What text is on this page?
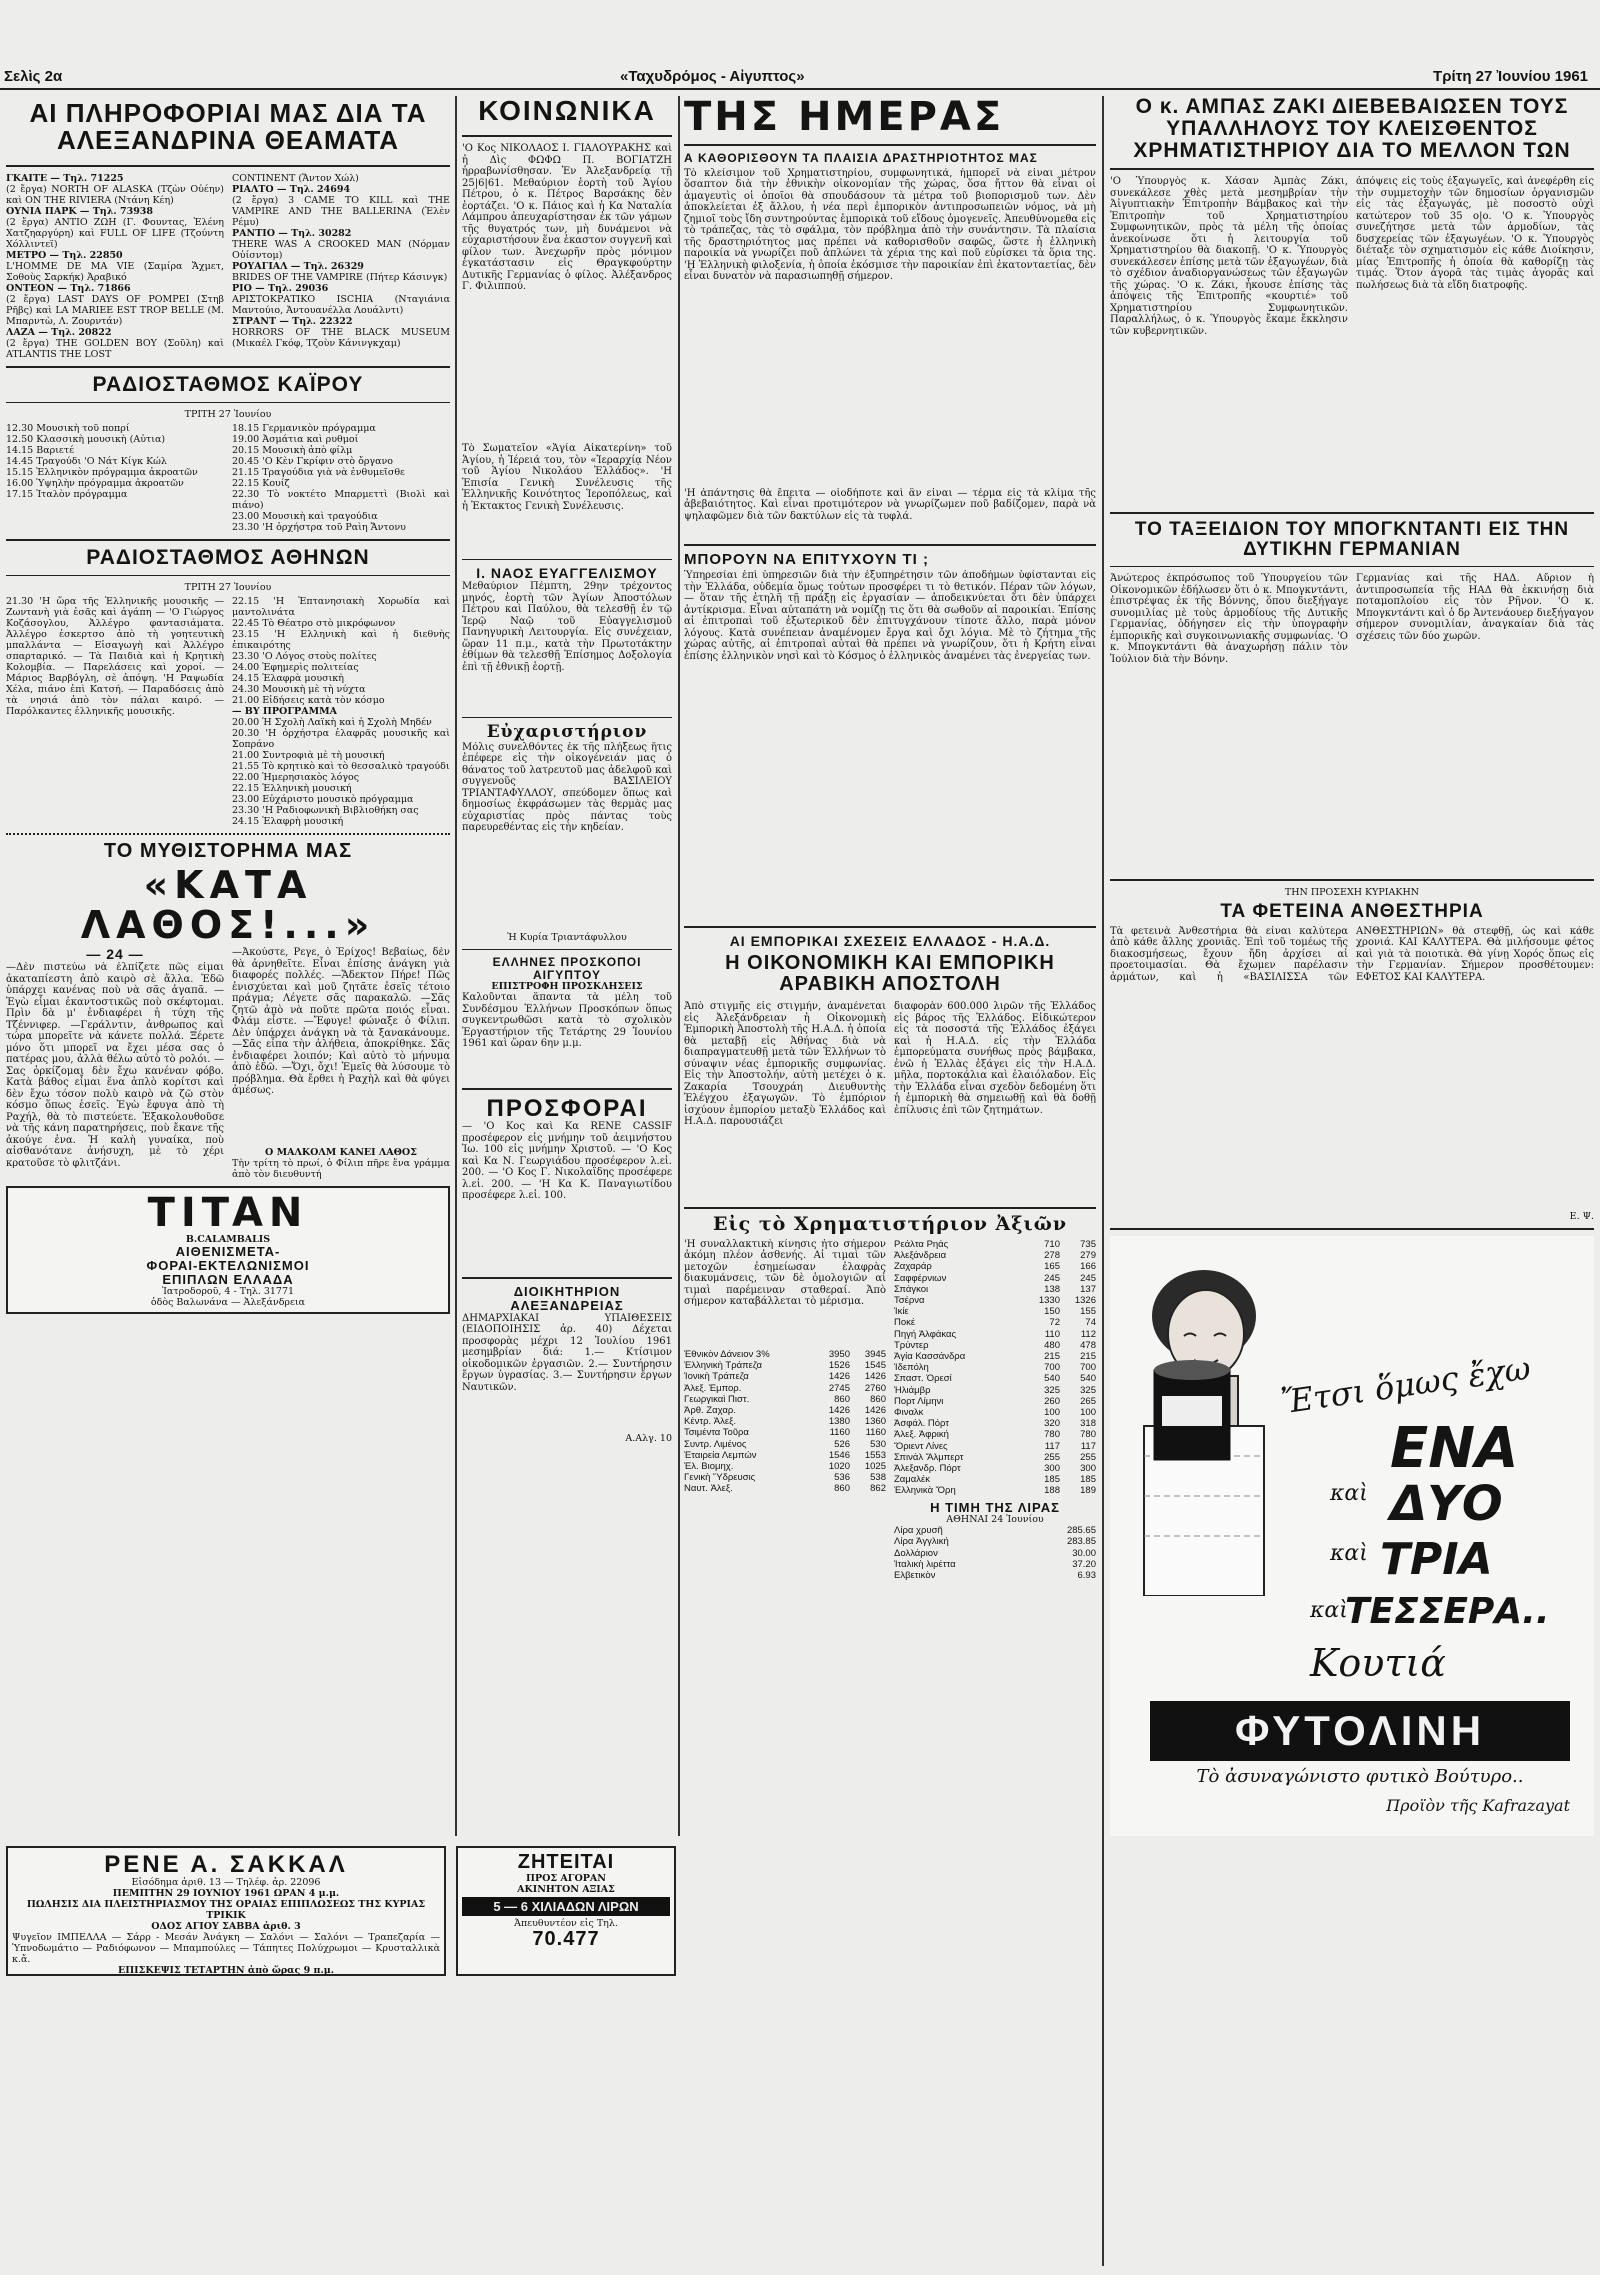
Σελὶς 2α	«Ταχυδρόμος - Αἰγυπτος»	Τρίτη 27 Ἰουνίου 1961
ΑΙ ΠΛΗΡΟΦΟΡΙΑΙ ΜΑΣ ΔΙΑ ΤΑ ΑΛΕΞΑΝΔΡΙΝΑ ΘΕΑΜΑΤΑ
ΓΚΑΙΤΕ — Τηλ. 71225
(2 ἔργα) NORTH OF ALASKA (Τζὼν Οὐέην) καὶ ON THE RIVIERA (Ντάνη Κέη)
ΟΥΝΙΑ ΠΑΡΚ — Τηλ. 73938
(2 ἔργα) ΑΝΤΙΟ ΖΩΗ (Γ. Φουντας, Ἐλένη Χατζηαργύρη) καὶ FULL OF LIFE (Τζούντη Χόλλιντεϊ)
ΜΕΤΡΟ — Τηλ. 22850
L'HOMME DE MA VIE (Σαμίρα Ἄχμετ, Σοθοὺς Σαρκήκ) Ἀραβικό
ΟΝΤΕΟΝ — Τηλ. 71866
(2 ἔργα) LAST DAYS OF POMPEI (Στηβ Ρῆβς) καὶ LA MARIEE EST TROP BELLE (Μ. Μπαρντὼ, Λ. Ζουρντάν)
ΛΑΖΑ — Τηλ. 20822
(2 ἔργα) THE GOLDEN BOY (Σοῦλη) καὶ ATLANTIS THE LOST
CONTINENT (Ἄντον Χώλ)
ΡΙΑΛΤΟ — Τηλ. 24694
(2 ἔργα) 3 CAME TO KILL καὶ THE VAMPIRE AND THE BALLERINA (Ἑλὲν Ρέμυ)
ΡΑΝΤΙΟ — Τηλ. 30282
THERE WAS A CROOKED MAN (Νόρμαν Οὐίσντομ)
ΡΟΥΑΓΙΑΛ — Τηλ. 26329
BRIDES OF THE VAMPIRE (Πήτερ Κάσινγκ)
ΡΙΟ — Τηλ. 29036
ΑΡΙΣΤΟΚΡΑΤΙΚΟ ISCHIA (Νταγιάνια Μαντούιο, Ἀντουανέλλα Λουάλντι)
ΣΤΡΑΝΤ — Τηλ. 22322
HORRORS OF THE BLACK MUSEUM (Μικαέλ Γκόφ, Τζοὺν Κάνινγκχαμ)
ΡΑΔΙΟΣΤΑΘΜΟΣ ΚΑΪΡΟΥ
ΤΡΙΤΗ 27 Ἰουνίου
12.30 Μουσικὴ τοῦ ποπρί
12.50 Κλασσικὴ μουσικὴ (Αὐτια)
14.15 Βαριετέ
14.45 Τραγούδι 'Ο Νάτ Κίγκ Κώλ
15.15 Ἑλληνικὸν πρόγραμμα ἀκροατῶν
16.00 Ὑψηλὴν πρόγραμμα ἀκροατῶν
17.15 Ἰταλὸν πρόγραμμα
18.15 Γερμανικὸν πρόγραμμα
19.00 Ἀσμάτια καὶ ρυθμοί
20.15 Μουσικὴ ἀπὸ φίλμ
20.45 'Ο Κὲν Γκρίφιν στὸ ὄργανο
21.15 Τραγούδια γιὰ νὰ ἐνθυμεῖσθε
22.15 Κουίζ
22.30 Τὸ νοκτέτο Μπαρμεττὶ (Βιολὶ καὶ πιάνο)
23.00 Μουσικὴ καὶ τραγούδια
23.30 'Η ὀρχήστρα τοῦ Ραὶη Ἄντονυ
ΡΑΔΙΟΣΤΑΘΜΟΣ ΑΘΗΝΩΝ
ΤΡΙΤΗ 27 Ἰουνίου
21.30 'Η ὥρα τῆς Ἑλληνικῆς μουσικῆς — Ζωντανὴ γιὰ ἐσᾶς καὶ ἀγάπη — 'Ο Γιώργος Κοζάσογλου, Ἀλλέγρο φαντασιάματα. Ἀλλέγρο ἐσκερτσο ἀπὸ τὴ γοητευτικὴ μπαλλάντα — Εἰσαγωγὴ καὶ Ἀλλέγρο σπαρταρικό. — Τὰ Παιδιὰ καὶ ἡ Κρητικὴ Κολομβία. — Παρελάσεις καὶ χοροί. — Μάριος Βαρβόγλη, σὲ ἀπόψη. 'Η Ραψωδία Χέλα, πιάνο ἐπὶ Κατσή. — Παραδόσεις ἀπὸ τὰ νησιά ἀπὸ τὸν πάλαι καιρό. — Παρόλκαντες ἑλληνικῆς μουσικῆς.
22.15 'Η Ἐπτανησιακὴ Χορωδία καὶ μαντολινάτα
22.45 Τὸ Θέατρο στὸ μικρόφωνον
23.15 'Η Ελληνικὴ καὶ ἡ διεθνὴς ἐπικαιρότης
23.30 'Ο Λόγος στοὺς πολίτες
24.00 Ἐφημερὶς πολιτείας
24.15 Ἐλαφρὰ μουσικὴ
24.30 Μουσικὴ μὲ τὴ νύχτα
21.00 Εἰδήσεις κατὰ τὸν κόσμο
— ΒΥ ΠΡΟΓΡΑΜΜΑ
20.00 Ἡ Σχολὴ Λαϊκὴ καὶ ἡ Σχολὴ Μηδέν
20.30 'Η ὀρχήστρα ἐλαφρᾶς μουσικῆς καὶ Σοπράνο
21.00 Συντροφιὰ μὲ τὴ μουσική
21.55 Τὸ κρητικὸ καὶ τὸ θεσσαλικὸ τραγούδι
22.00 Ἡμερησιακὸς λόγος
22.15 Ἑλληνικὴ μουσική
23.00 Εὐχάριστο μουσικὸ πρόγραμμα
23.30 'Η Ραδιοφωνικὴ Βιβλιοθήκη σας
24.15 Ἐλαφρὴ μουσική
ΤΟ ΜΥΘΙΣΤΟΡΗΜΑ ΜΑΣ
«ΚΑΤΑ ΛΑΘΟΣ!...»
— 24 —
—Δὲν πιστεύω νὰ ἐλπίζετε πῶς εἶμαι ἀκαταπίεστη ἀπὸ καιρὸ σὲ ἄλλα. Ἐδῶ ὑπάρχει κανένας ποὺ νὰ σᾶς ἀγαπᾶ. —Ἐγὼ εἶμαι ἐκαντοστικῶς ποὺ σκέφτομαι. Πρὶν δὰ μ' ἐνδιαφέρει ἡ τύχη τῆς Τζέννιφερ. —Γεράλντιν, ἀνθρωπος καὶ τώρα μπορεῖτε νὰ κάνετε πολλά. Ξέρετε μόνο ὅτι μπορεῖ να ἔχει μέσα σας ὁ πατέρας μου, ἀλλὰ θέλω αὐτὸ τὸ ρολόι. —Σας ὁρκίζομαι δὲν ἔχω κανέναν φόβο. Κατὰ βάθος εἶμαι ἕνα ἁπλὸ κορίτσι καὶ δὲν ἔχω τόσον πολὺ καιρὸ νὰ ζῶ στὸν κόσμο ὅπως ἐσεῖς. Ἐγὼ ἔφυγα ἀπὸ τὴ Ραχήλ, θὰ τὸ πιστεύετε. Ἐξακολουθοῦσε νὰ τῆς κάνη παρατηρήσεις, ποὺ ἔκανε τῆς ἀκούγε ἐνα. Ἡ καλὴ γυναίκα, ποὺ αἰσθανότανε ἀνήσυχη, μὲ τὸ χέρι κρατοῦσε τὸ φλιτζάνι.
—Ἀκούστε, Ρεγε, ὁ Ἑρίχος! Βεβαίως, δὲν θὰ ἀρνηθεῖτε. Εἶναι ἐπίσης ἀνάγκη γιὰ διαφορές πολλές. —Ἄδεκτον Πήρε! Πῶς ἐνισχύεται καὶ μοῦ ζητᾶτε ἐσεῖς τέτοιο πράγμα; Λέγετε σᾶς παρακαλῶ. —Σᾶς ζητῶ ἀπὸ νὰ ποῦτε πρῶτα ποιός εἶναι. Φλάμ εἶστε. —Ἔφυγε! φώναξε ὁ Φίλιπ. Δὲν ὑπάρχει ἀνάγκη νὰ τὰ ξανακάνουμε. —Σᾶς εἶπα τὴν ἀλήθεια, ἀποκρίθηκε. Σᾶς ἐνδιαφέρει λοιπόν; Καὶ αὐτὸ τὸ μήνυμα ἀπὸ ἐδῶ. —Ὄχι, ὄχι! Ἐμεῖς θὰ λύσουμε τὸ πρόβλημα. Θὰ ἔρθει ἡ Ραχὴλ καὶ θὰ φύγει ἀμέσως.
Ο ΜΑΛΚΟΛΜ ΚΑΝΕΙ ΛΑΘΟΣ
Τὴν τρίτη τὸ πρωί, ὁ Φίλιπ πῆρε ἕνα γράμμα ἀπὸ τὸν διευθυντή
TITAN
B.CALAMBALIS
ΑΙΘΕΝΙΣΜΕΤΑ-
ΦΟΡΑΙ-ΕΚΤΕΛΩΝΙΣΜΟΙ
ΕΠΙΠΛΩΝ ΕΛΛΑΔΑ
Ἰατροδοροῦ, 4 - Τηλ. 31771
ὁδὸς Βαλωνάνα — Ἀλεξάνδρεια
ΚΟΙΝΩΝΙΚΑ
'Ο Κος ΝΙΚΟΛΑΟΣ Ι. ΓΙΑΛΟΥΡΑΚΗΣ καὶ ἡ Δὶς ΦΩΦΩ Π. ΒΟΓΙΑΤΖΗ ἠρραβωνίσθησαν. Ἐν Ἀλεξανδρείᾳ τῇ 25|6|61. Μεθαύριον ἑορτὴ τοῦ Ἁγίου Πέτρου, ὁ κ. Πέτρος Βαρσάκης δὲν ἑορτάζει. 'Ο κ. Πάιος καὶ ἡ Κα Ναταλία Λάμπρου ἀπευχαρίστησαν ἐκ τῶν γάμων τῆς θυγατρός των, μὴ δυνάμενοι νὰ εὐχαριστήσουν ἕνα ἑκαστον συγγενῆ καὶ φίλον των. Ἀνεχωρῆν πρὸς μόνιμον ἐγκατάστασιν εἰς Θραγκφούρτην Δυτικῆς Γερμανίας ὁ φίλος. Ἀλέξανδρος Γ. Φιλιππού.
Τὸ Σωματεῖον «Ἁγία Αἰκατερίνη» τοῦ Ἁγίου, ἡ Ἱέρειά του, τὸν «Ἱεραρχίᾳ Νέον τοῦ Ἁγίου Νικολάου Ἐλλάδος». 'Η Ἐπισία Γενικὴ Συνέλευσις τῆς Ἑλληνικῆς Κοινότητος Ἱεροπόλεως, καὶ ἡ Ἐκτακτος Γενικὴ Συνέλευσις.
Ι. ΝΑΟΣ ΕΥΑΓΓΕΛΙΣΜΟΥ
Μεθαύριον Πέμπτη, 29ην τρέχοντος μηνός, ἑορτὴ τῶν Ἁγίων Ἀποστόλων Πέτρου καὶ Παύλου, θὰ τελεσθῇ ἐν τῷ Ἱερῷ Ναῷ τοῦ Εὐαγγελισμοῦ Πανηγυρικὴ Λειτουργία. Εἰς συνέχειαν, ὥραν 11 π.μ., κατὰ τὴν Πρωτοτάκτην ἐθίμων θὰ τελεσθῇ Ἐπίσημος Δοξολογία ἐπὶ τῇ ἐθνικῇ ἑορτῇ.
Εὐχαριστήριον
Μόλις συνελθόντες ἐκ τῆς πλήξεως ἥτις ἐπέφερε εἰς τὴν οἰκογένειάν μας ὁ θάνατος τοῦ λατρευτοῦ μας ἀδελφοῦ καὶ συγγενοῦς ΒΑΣΙΛΕΙΟΥ ΤΡΙΑΝΤΑΦΥΛΛΟΥ, σπεύδομεν ὅπως καὶ δημοσίως ἐκφράσωμεν τὰς θερμὰς μας εὐχαριστίας πρὸς πάντας τοὺς παρευρεθέντας εἰς τὴν κηδείαν.
Ἡ Κυρία Τριαντάφυλλου
ΕΛΛΗΝΕΣ ΠΡΟΣΚΟΠΟΙ ΑΙΓΥΠΤΟΥ
ΕΠΙΣΤΡΟΦΗ ΠΡΟΣΚΛΗΣΕΙΣ
Καλοῦνται ἅπαντα τὰ μέλη τοῦ Συνδέσμου Ἑλλήνων Προσκόπων ὅπως συγκεντρωθῶσι κατὰ τὸ σχολικὸν Ἐργαστήριον τῆς Τετάρτης 29 Ἰουνίου 1961 καὶ ὥραν 6ην μ.μ.
ΠΡΟΣΦΟΡΑΙ
— 'Ο Κος καὶ Κα RENE CASSIF προσέφερον εἰς μνήμην τοῦ ἀειμνήστου Ἰω. 100 εἰς μνήμην Χριστοῦ. — 'Ο Κος καὶ Κα Ν. Γεωργιάδου προσέφερον λ.εἰ. 200. — 'Ο Κος Γ. Νικολαΐδης προσέφερε λ.εἰ. 200. — 'Η Κα Κ. Παναγιωτίδου προσέφερε λ.εἰ. 100.
ΔΙΟΙΚΗΤΗΡΙΟΝ ΑΛΕΞΑΝΔΡΕΙΑΣ
ΔΗΜΑΡΧΙΑΚΑΙ ΥΠΑΙΘΕΣΕΙΣ (ΕΙΔΟΠΟΙΗΣΙΣ ἀρ. 40) Δέχεται προσφορὰς μέχρι 12 Ἰουλίου 1961 μεσημβρίαν διά: 1.— Κτίσιμον οἰκοδομικῶν ἐργασιῶν. 2.— Συντήρησιν ἔργων ὑγρασίας. 3.— Συντήρησιν ἔργων Ναυτικῶν.
Α.Αλγ. 10
ΤΗΣ ΗΜΕΡΑΣ
Α ΚΑΘΟΡΙΣΘΟΥΝ ΤΑ ΠΛΑΙΣΙΑ ΔΡΑΣΤΗΡΙΟΤΗΤΟΣ ΜΑΣ
Τὸ κλείσιμον τοῦ Χρηματιστηρίου, συμφωνητικά, ἡμπορεῖ νὰ εἶναι μέτρον ὅσαπτον διὰ τὴν ἐθνικὴν οἰκονομίαν τῆς χώρας, ὅσα ἤττον θὰ εἶναι οἱ ἀμαγευτὶς οἱ ὁποῖοι θὰ σπουδάσουν τὰ μέτρα τοῦ βιοπορισμοῦ των. Δὲν ἀποκλείεται ἐξ ἄλλου, ἡ νέα περὶ ἐμπορικὸν ἀντιπροσωπειῶν νόμος, νὰ μὴ ζημιοῖ τοὺς ἴδη συντηρούντας ἑμπορικὰ τοῦ εἴδους ὁμογενεῖς. Ἀπευθύνομεθα εἰς τὸ τράπεζας, τὰς τὸ σφάλμα, τὸν πρόβλημα ἀπὸ τὴν συνάντησιν. Τὰ πλαίσια τῆς δραστηριότητος μας πρέπει νὰ καθορισθοῦν σαφῶς, ὥστε ἡ ἑλληνικὴ παροικία νὰ γνωρίζει ποῦ ἀπλώνει τὰ χέρια της καὶ ποῦ εὑρίσκει τὰ ὅρια της. 'Η Ἑλληνικὴ φιλοξενία, ἡ ὁποία ἐκόσμισε τὴν παροικίαν ἐπὶ ἑκατονταετίας, δὲν εἶναι δυνατὸν νὰ παρασιωπηθῇ σήμερον.
'Η ἀπάντησις θὰ ἔπειτα — οἱοδήποτε καὶ ἂν εἶναι — τέρμα εἰς τὰ κλίμα τῆς ἀβεβαιότητος. Καὶ εἶναι προτιμότερον νὰ γνωρίζωμεν ποῦ βαδίζομεν, παρὰ νὰ ψηλαφῶμεν διὰ τῶν δακτύλων εἰς τὰ τυφλά.
ΜΠΟΡΟΥΝ ΝΑ ΕΠΙΤΥΧΟΥΝ ΤΙ ;
Ὑπηρεσίαι ἐπὶ ὑπηρεσιῶν διὰ τὴν ἐξυπηρέτησιν τῶν ἀποδήμων ὑφίστανται εἰς τὴν Ἑλλάδα, οὐδεμία ὅμως τοὐτων προσφέρει τι τὸ θετικόν. Πέραν τῶν λόγων, — ὅταν τῆς ἐτηλῆ τῇ πράξῃ εἰς ἐργασίαν — ἀποδεικνύεται ὅτι δὲν ὑπάρχει ἀντίκρισμα. Εἶναι αὐταπάτη νὰ νομίζῃ τις ὅτι θὰ σωθοῦν αἱ παροικίαι. Ἐπίσης αἱ ἐπιτροπαὶ τοῦ ἐξωτερικοῦ δὲν ἐπιτυγχάνουν τίποτε ἄλλο, παρὰ μόνον λόγους. Κατὰ συνέπειαν ἀναμένομεν ἔργα καὶ ὄχι λόγια. Μὲ τὸ ζήτημα τῆς χώρας αὐτῆς, αἱ ἐπιτροπαὶ αὐταὶ θὰ πρέπει νὰ γνωρίζουν, ὅτι ἡ Κρήτη εἶναι ἐπίσης ἑλληνικὸν νησὶ καὶ τὸ Κόσμος ὁ ἑλληνικὸς ἀναμένει τὰς ἐνεργείας των.
ΑΙ ΕΜΠΟΡΙΚΑΙ ΣΧΕΣΕΙΣ ΕΛΛΑΔΟΣ - Η.Α.Δ.
Η ΟΙΚΟΝΟΜΙΚΗ ΚΑΙ ΕΜΠΟΡΙΚΗ ΑΡΑΒΙΚΗ ΑΠΟΣΤΟΛΗ
Ἀπὸ στιγμῆς εἰς στιγμήν, ἀναμένεται εἰς Ἀλεξάνδρειαν ἡ Οἰκονομικὴ Ἐμπορικὴ Ἀποστολὴ τῆς Η.Α.Δ. ἡ ὁποία θὰ μεταβῇ εἰς Ἀθήνας διὰ νὰ διαπραγματευθῇ μετὰ τῶν Ἑλλήνων τὸ σύναψιν νέας ἐμπορικῆς συμφωνίας. Εἰς τὴν Ἀποστολήν, αὐτὴ μετέχει ὁ κ. Ζακαρία Τσουχράη Διευθυντὴς Ἐλέγχου ἐξαγωγῶν. Τὸ ἐμπόριον ἰσχύουν ἐμπορίου μεταξὺ Ἑλλάδος καὶ Η.Α.Δ. παρουσιάζει
διαφορὰν 600.000 λιρῶν τῆς Ἑλλάδος εἰς βάρος τῆς Ἑλλάδος. Εἰδικώτερον εἰς τὰ ποσοστά τῆς Ἑλλάδος ἐξάγει καὶ ἡ Η.Α.Δ. εἰς τὴν Ἑλλάδα ἐμπορεύματα συνήθως πρὸς βάμβακα, ἐνῶ ἡ Ἑλλὰς ἐξάγει εἰς τὴν Η.Α.Δ. μῆλα, πορτοκάλια καὶ ἐλαιόλαδον. Εἰς τὴν Ἑλλάδα εἶναι σχεδὸν δεδομένη ὅτι ἡ ἐμπορικὴ θὰ σημειωθῇ καὶ θὰ δοθῇ ἐπίλυσις ἐπὶ τῶν ζητημάτων.
Εἰς τὸ Χρηματιστήριον Ἀξιῶν
'Η συναλλακτικὴ κίνησις ἦτο σήμερον ἀκόμη πλέον ἀσθενής. Αἱ τιμαὶ τῶν μετοχῶν ἐσημείωσαν ἐλαφρὰς διακυμάνσεις, τῶν δὲ ὁμολογιῶν αἱ τιμαὶ παρέμειναν σταθεραί. Ἀπὸ σήμερον καταβάλλεται τὸ μέρισμα.
Ἐθνικὸν Δάνειον 3%	3950	3945
Ἑλληνικὴ Τράπεζα	1526	1545
Ἰονικὴ Τράπεζα	1426	1426
Ἀλεξ. Ἐμπορ.	2745	2760
Γεωργικαὶ Πιστ.	860	860
Ἀρθ. Ζαχαρ.	1426	1426
Κέντρ. Ἀλεξ.	1380	1360
Τσιμέντα Τοῦρα	1160	1160
Συντρ. Λιμένος	526	530
Ἑταιρεία Λεμπών	1546	1553
Ἑλ. Βιομηχ.	1020	1025
Γενικὴ Ὕδρευσις	536	538
Ναυτ. Ἀλεξ.	860	862
Ρεάλτα Ρηάς	710	735
Ἀλεξάνδρεια	278	279
Ζαχαράρ	165	166
Σαφφέρνιων	245	245
Σπάγκοι	138	137
Τσέρνα	1330	1326
Ἰκίε	150	155
Ποκέ	72	74
Πηγή Ἀλφάκας	110	112
Τρύντερ	480	478
Ἁγία Κασσάνδρα	215	215
Ἰδεπόλη	700	700
Σπαστ. Ὀρεσί	540	540
Ἡλιάμβρ	325	325
Πορτ Λίμηνι	260	265
Φιναλκ	100	100
Ἀσφάλ. Πόρτ	320	318
Ἀλεξ. Ἀφρική	780	780
Ὅριεντ Λίνες	117	117
Σπινάλ Ἄλμπερτ	255	255
Ἀλεξανδρ. Πόρτ	300	300
Ζαμαλέκ	185	185
Ἐλληνικὰ Ὄρη	188	189
Η ΤΙΜΗ ΤΗΣ ΛΙΡΑΣ
ΑΘΗΝΑΙ 24 Ἰουνίου
Λίρα χρυσῆ	285.65
Λίρα Ἀγγλική	283.85
Δολλάριον	30.00
Ἰταλικὴ λιρέττα	37.20
Ελβετικὸν	6.93
Ο κ. ΑΜΠΑΣ ΖΑΚΙ ΔΙΕΒΕΒΑΙΩΣΕΝ ΤΟΥΣ ΥΠΑΛΛΗΛΟΥΣ ΤΟΥ ΚΛΕΙΣΘΕΝΤΟΣ ΧΡΗΜΑΤΙΣΤΗΡΙΟΥ ΔΙΑ ΤΟ ΜΕΛΛΟΝ ΤΩΝ
'Ο Ὑπουργὸς κ. Χάσαν Ἀμπὰς Ζάκι, συνεκάλεσε χθὲς μετὰ μεσημβρίαν τὴν Ἀἰγυπτιακὴν Ἐπιτροπὴν Βάμβακος καὶ τὴν Ἐπιτροπὴν τοῦ Χρηματιστηρίου Συμφωνητικῶν, πρὸς τὰ μέλη τῆς ὁποίας ἀνεκοίνωσε ὅτι ἡ λειτουργία τοῦ Χρηματιστηρίου θὰ διακοπῇ. 'Ο κ. Ὑπουργὸς συνεκάλεσεν ἐπίσης μετὰ τῶν ἐξαγωγέων, διὰ τὸ σχέδιον ἀναδιοργανώσεως τῶν ἐξαγωγῶν τῆς χώρας. 'Ο κ. Ζάκι, ἦκουσε ἐπίσης τὰς ἀπόψεις τῆς Ἐπιτροπῆς «κουρτιέ» τοῦ Χρηματιστηρίου Συμφωνητικῶν. Παραλλήλως, ὁ κ. Ὑπουργὸς ἔκαμε ἔκκλησιν τῶν κυβερνητικῶν.
ἀπόψεις εἰς τοὺς ἐξαγωγεῖς, καὶ ἀνεφέρθη εἰς τὴν συμμετοχὴν τῶν δημοσίων ὀργανισμῶν εἰς τὰς ἐξαγωγάς, μὲ ποσοστὸ οὐχὶ κατώτερον τοῦ 35 ο|ο. 'Ο κ. Ὑπουργὸς συνεζήτησε μετὰ τῶν ἀρμοδίων, τὰς δυσχερείας τῶν ἐξαγωγέων. 'Ο κ. Ὑπουργὸς διέταξε τὸν σχηματισμὸν εἰς κάθε Διοίκησιν, μίας Ἐπιτροπῆς ἡ ὁποία θὰ καθορίζῃ τὰς τιμάς. Ὅτον ἀγορᾶ τὰς τιμὰς ἀγορᾶς καὶ πωλήσεως διὰ τὰ εἴδη διατροφῆς.
ΤΟ ΤΑΞΕΙΔΙΟΝ ΤΟΥ ΜΠΟΓΚΝΤΑΝΤΙ ΕΙΣ ΤΗΝ ΔΥΤΙΚΗΝ ΓΕΡΜΑΝΙΑΝ
Ἀνώτερος ἐκπρόσωπος τοῦ Ὑπουργείου τῶν Οἰκονομικῶν ἐδήλωσεν ὅτι ὁ κ. Μπογκντάντι, ἐπιστρέψας ἐκ τῆς Βόννης, ὅπου διεξήγαγε συνομιλίας μὲ τοὺς ἁρμοδίους τῆς Δυτικῆς Γερμανίας, ὁδήγησεν εἰς τὴν ὑπογραφὴν ἐμπορικῆς καὶ συγκοινωνιακῆς συμφωνίας. 'Ο κ. Μπογκντάντι θὰ ἀναχωρήσῃ πάλιν τὸν Ἰούλιον διὰ τὴν Βόνην.
Γερμανίας καὶ τῆς ΗΑΔ. Αὔριον ἡ ἀντιπροσωπεία τῆς ΗΑΔ θὰ ἐκκινήσῃ διὰ ποταμοπλοίου εἰς τὸν Ρῆνον. 'Ο κ. Μπογκντάντι καὶ ὁ δρ Ἀντενάουερ διεξήγαγον σήμερον συνομιλίαν, ἀναγκαίαν διὰ τὰς σχέσεις τῶν δύο χωρῶν.
ΤΗΝ ΠΡΟΣΕΧΗ ΚΥΡΙΑΚΗΝ
ΤΑ ΦΕΤΕΙΝΑ ΑΝΘΕΣΤΗΡΙΑ
Τὰ φετεινὰ Ἀνθεστήρια θὰ εἶναι καλύτερα ἀπὸ κάθε ἄλλης χρονιᾶς. Ἐπὶ τοῦ τομέως τῆς διακοσμήσεως, ἔχουν ἤδη ἀρχίσει αἱ προετοιμασίαι. Θὰ ἔχωμεν παρέλασιν ἁρμάτων, καὶ ἡ «ΒΑΣΙΛΙΣΣΑ τῶν ΑΝΘΕΣΤΗΡΙΩΝ» θὰ στεφθῇ, ὡς καὶ κάθε χρονιά. ΚΑΙ ΚΑΛΥΤΕΡΑ. Θὰ μιλήσουμε φέτος καὶ γιὰ τὰ ποιοτικὰ. Θὰ γίνῃ Χορός ὅπως εἰς τὴν Γερμανίαν. Σήμερον προσθέτουμεν: ΕΦΕΤΟΣ ΚΑΙ ΚΑΛΥΤΕΡΑ.
Ε. Ψ.
Ἔτσι ὅμως ἔχω
ΕΝΑ
καὶ ΔΥΟ
καὶ ΤΡΙΑ
καὶ
ΤΕΣΣΕΡΑ..
Κουτιά
ΦΥΤΟΛΙΝΗ
Τὸ ἀσυναγώνιστο φυτικὸ Βούτυρο..
Προϊὸν τῆς Kafrazayat
ΡΕΝΕ Α. ΣΑΚΚΑΛ
Εἰσόδημα ἀριθ. 13 — Τηλέφ. ἀρ. 22096
ΠΕΜΠΤΗΝ 29 ΙΟΥΝΙΟΥ 1961 ΩΡΑΝ 4 μ.μ.
ΠΩΛΗΣΙΣ ΔΙΑ ΠΛΕΙΣΤΗΡΙΑΣΜΟΥ ΤΗΣ ΟΡΑΙΑΣ ΕΠΙΠΛΩΣΕΩΣ ΤΗΣ ΚΥΡΙΑΣ ΤΡΙΚΙΚ
ΟΔΟΣ ΑΓΙΟΥ ΣΑΒΒΑ ἀριθ. 3
Ψυγεῖον ΙΜΠΕΛΛΑ — Σάρρ - Μεσάν Ἀνάγκη — Σαλόνι — Σαλόνι — Τραπεζαρία — Ὑπνοδωμάτιο — Ραδιόφωνον — Μπαμπούλες — Τάπητες Πολύχρωμοι — Κρυσταλλικὰ κ.ἄ.
ΕΠΙΣΚΕΨΙΣ ΤΕΤΑΡΤΗΝ ἀπὸ ὥρας 9 π.μ.
ΖΗΤΕΙΤΑΙ
ΠΡΟΣ ΑΓΟΡΑΝ
ΑΚΙΝΗΤΟΝ ΑΞΙΑΣ
5 — 6 ΧΙΛΙΑΔΩΝ ΛΙΡΩΝ
Ἀπευθυντέον εἰς Τηλ.
70.477
